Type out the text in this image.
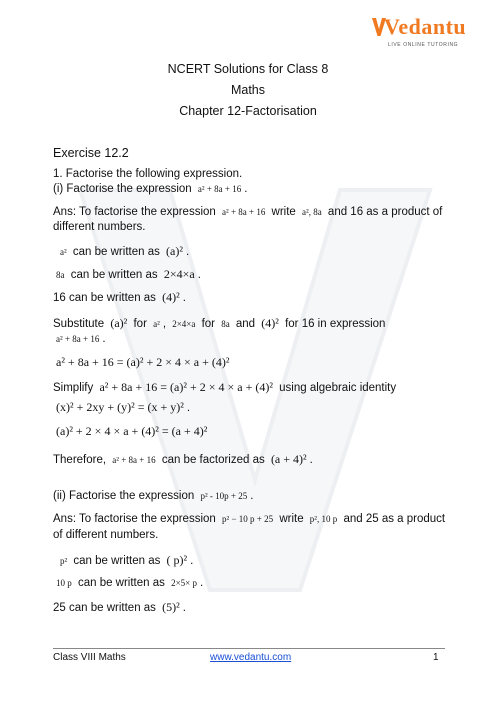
Vedantu
LIVE ONLINE TUTORING
NCERT Solutions for Class 8
Maths
Chapter 12-Factorisation
Exercise 12.2
1. Factorise the following expression.
(i) Factorise the expression a² + 8a + 16 .
Ans: To factorise the expression a² + 8a + 16 write a², 8a and 16 as a product of
different numbers.
a² can be written as (a)² .
8a can be written as 2×4×a .
16 can be written as (4)² .
Substitute (a)² for a² , 2×4×a for 8a and (4)² for 16 in expression
a² + 8a + 16 .
a² + 8a + 16 = (a)² + 2 × 4 × a + (4)²
Simplify a² + 8a + 16 = (a)² + 2 × 4 × a + (4)² using algebraic identity
(x)² + 2xy + (y)² = (x + y)² .
(a)² + 2 × 4 × a + (4)² = (a + 4)²
Therefore, a² + 8a + 16 can be factorized as (a + 4)² .
(ii) Factorise the expression p² - 10p + 25 .
Ans: To factorise the expression p² − 10 p + 25 write p², 10 p and 25 as a product
of different numbers.
p² can be written as ( p)² .
10 p can be written as 2×5× p .
25 can be written as (5)² .
Class VIII Maths	www.vedantu.com	1
